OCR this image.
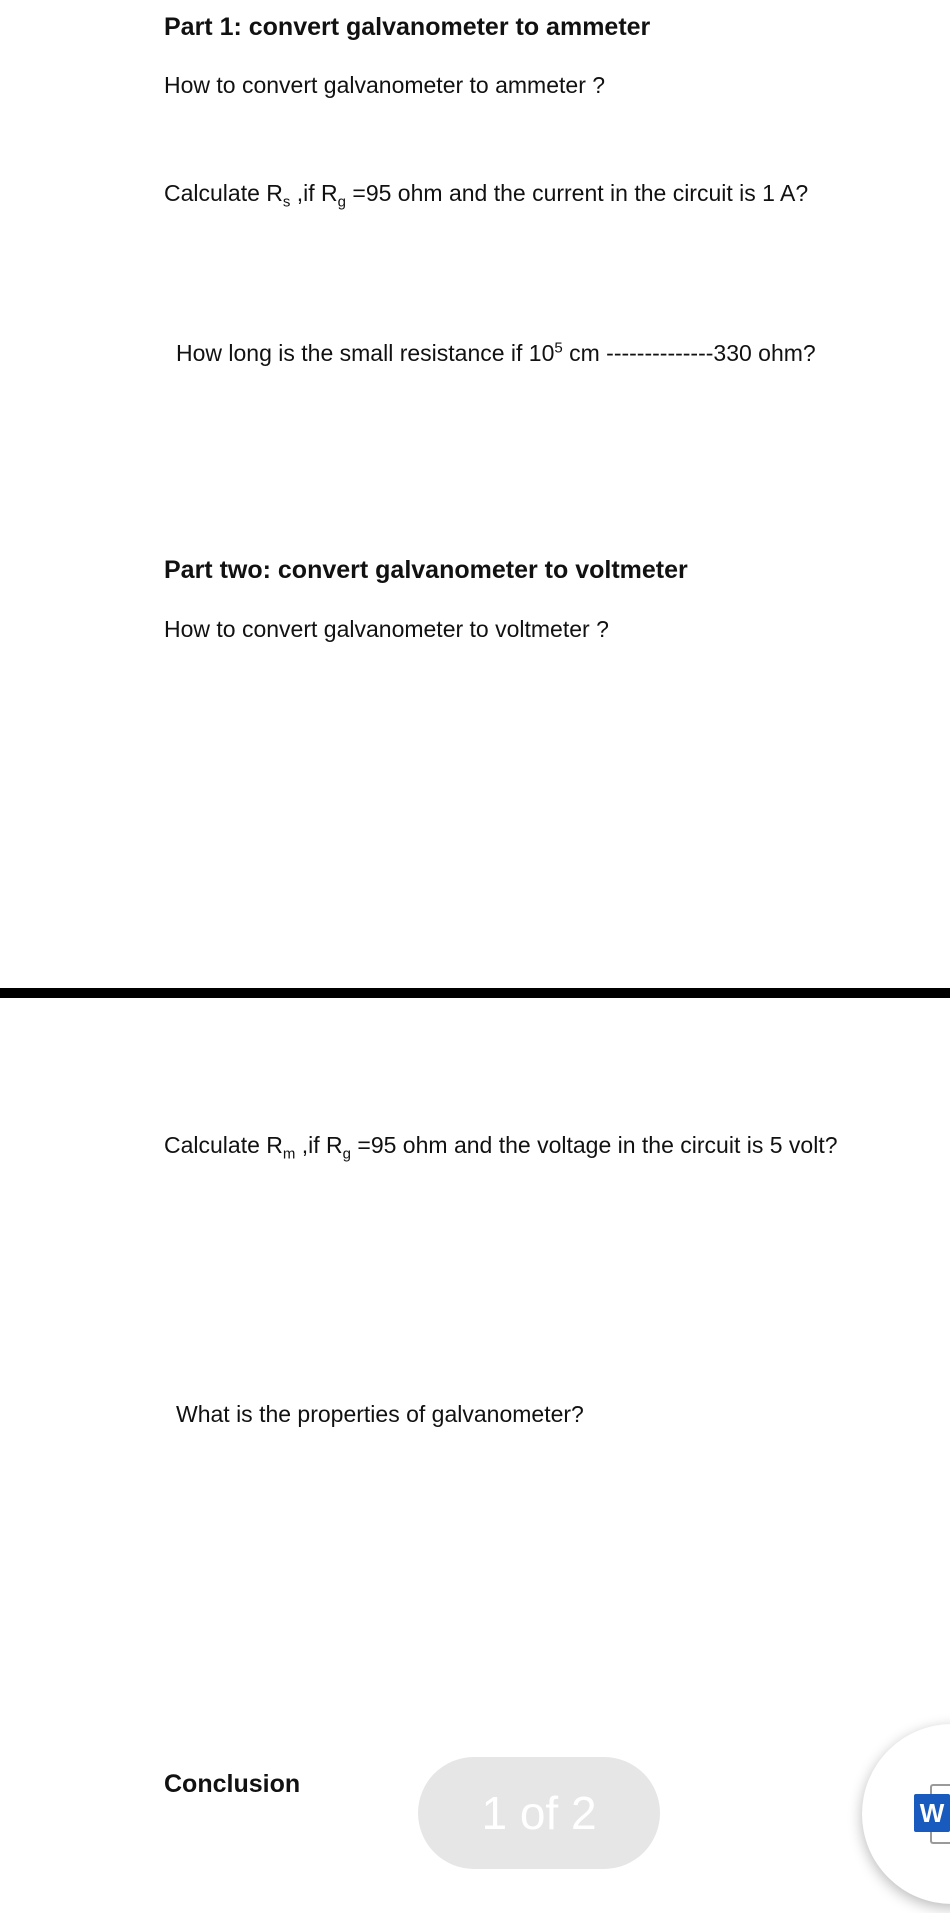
Part 1: convert galvanometer to ammeter
How to convert galvanometer to ammeter ?
Calculate $R_s$ ,if $R_g =95$ ohm and the current in the circuit is 1 A?
How long is the small resistance if $10^5$ cm --------------330 ohm?
Part two: convert galvanometer to voltmeter
How to convert galvanometer to voltmeter ?
Calculate $R_m$ ,if $R_g =95$ ohm and the voltage in the circuit is 5 volt?
What is the properties of galvanometer?
Conclusion
1 of 2	W
